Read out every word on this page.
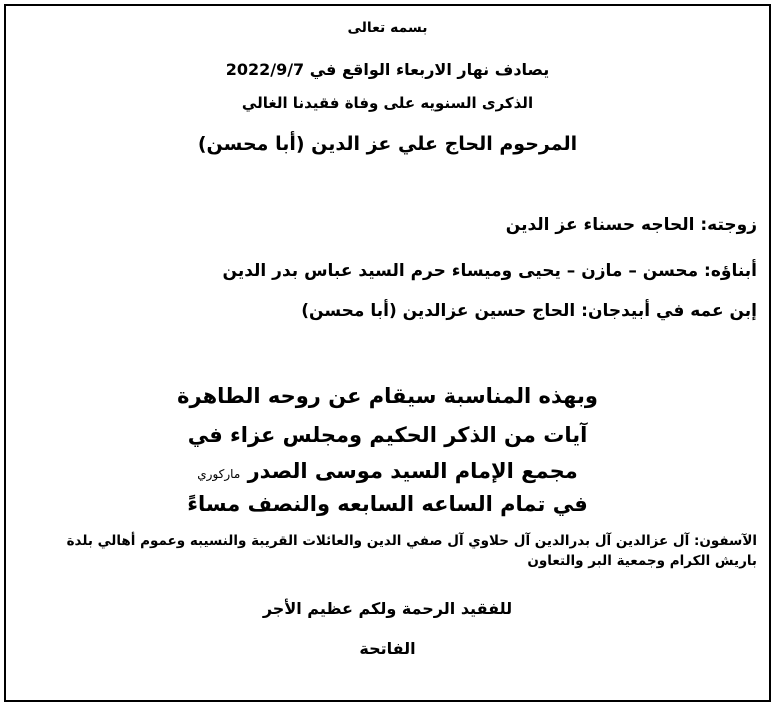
بسمه تعالى
يصادف نهار الاربعاء الواقع في 2022/9/7
الذكرى السنويه على وفاة فقيدنا الغالي
المرحوم الحاج علي عز الدين (أبا محسن)
زوجته: الحاجه حسناء عز الدين
أبناؤه: محسن – مازن – يحيى وميساء حرم السيد عباس بدر الدين
إبن عمه في أبيدجان: الحاج حسين عزالدين (أبا محسن)
وبهذه المناسبة سيقام عن روحه الطاهرة
آيات من الذكر الحكيم ومجلس عزاء في
مجمع الإمام السيد موسى الصدر ماركوري
في تمام الساعه السابعه والنصف مساءً
الآسفون: آل عزالدين آل بدرالدين آل حلاوي آل صفي الدين والعائلات القريبة والنسيبه وعموم أهالي بلدة باريش الكرام وجمعية البر والتعاون
للفقيد الرحمة ولكم عظيم الأجر
الفاتحة
